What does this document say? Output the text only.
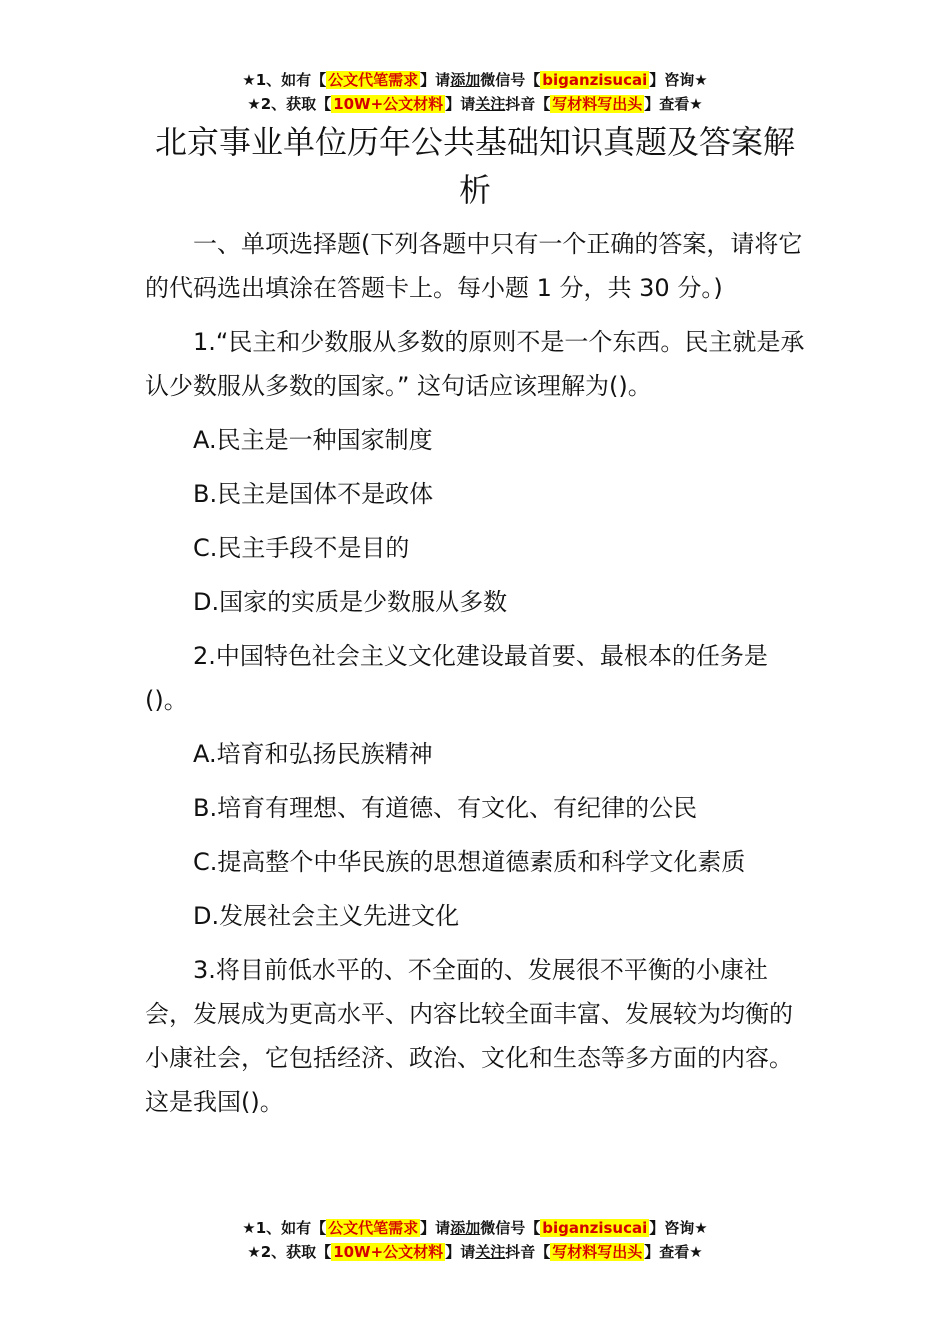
★1、如有【 公文代笔需求 】请添加微信号【 biganzisucai 】咨询★
★2、获取【 10W+公文材料 】请关注抖音【 写材料写出头 】查看★
北京事业单位历年公共基础知识真题及答案解析

一、单项选择题(下列各题中只有一个正确的答案，请将它的代码选出填涂在答题卡上。每小题 1 分，共 30 分。)

1.“民主和少数服从多数的原则不是一个东西。民主就是承认少数服从多数的国家。” 这句话应该理解为()。

A.民主是一种国家制度

B.民主是国体不是政体

C.民主手段不是目的

D.国家的实质是少数服从多数

2.中国特色社会主义文化建设最首要、最根本的任务是()。

A.培育和弘扬民族精神

B.培育有理想、有道德、有文化、有纪律的公民

C.提高整个中华民族的思想道德素质和科学文化素质

D.发展社会主义先进文化

3.将目前低水平的、不全面的、发展很不平衡的小康社会，发展成为更高水平、内容比较全面丰富、发展较为均衡的小康社会，它包括经济、政治、文化和生态等多方面的内容。这是我国()。

★1、如有【 公文代笔需求 】请添加微信号【 biganzisucai 】咨询★
★2、获取【 10W+公文材料 】请关注抖音【 写材料写出头 】查看★
